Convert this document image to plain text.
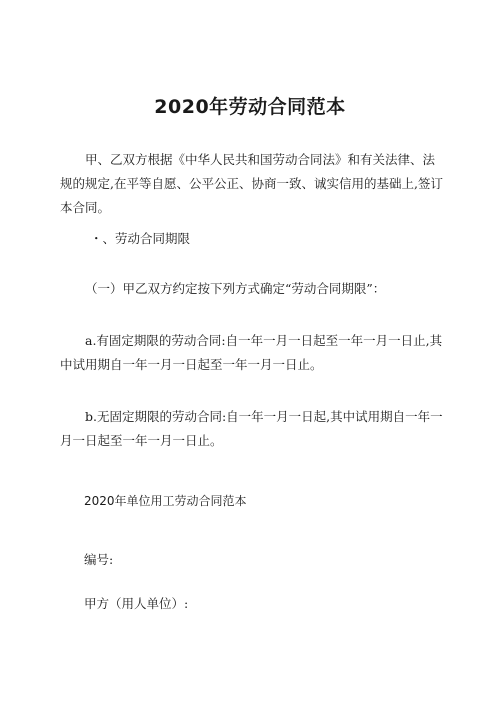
2020年劳动合同范本

甲、乙双方根据《中华人民共和国劳动合同法》和有关法律、法规的规定,在平等自愿、公平公正、协商一致、诚实信用的基础上,签订本合同。

・、劳动合同期限

（一）甲乙双方约定按下列方式确定“劳动合同期限”：

a.有固定期限的劳动合同:自一年一月一日起至一年一月一日止,其中试用期自一年一月一日起至一年一月一日止。

b.无固定期限的劳动合同:自一年一月一日起,其中试用期自一年一月一日起至一年一月一日止。

2020年单位用工劳动合同范本

编号:

甲方（用人单位）:
